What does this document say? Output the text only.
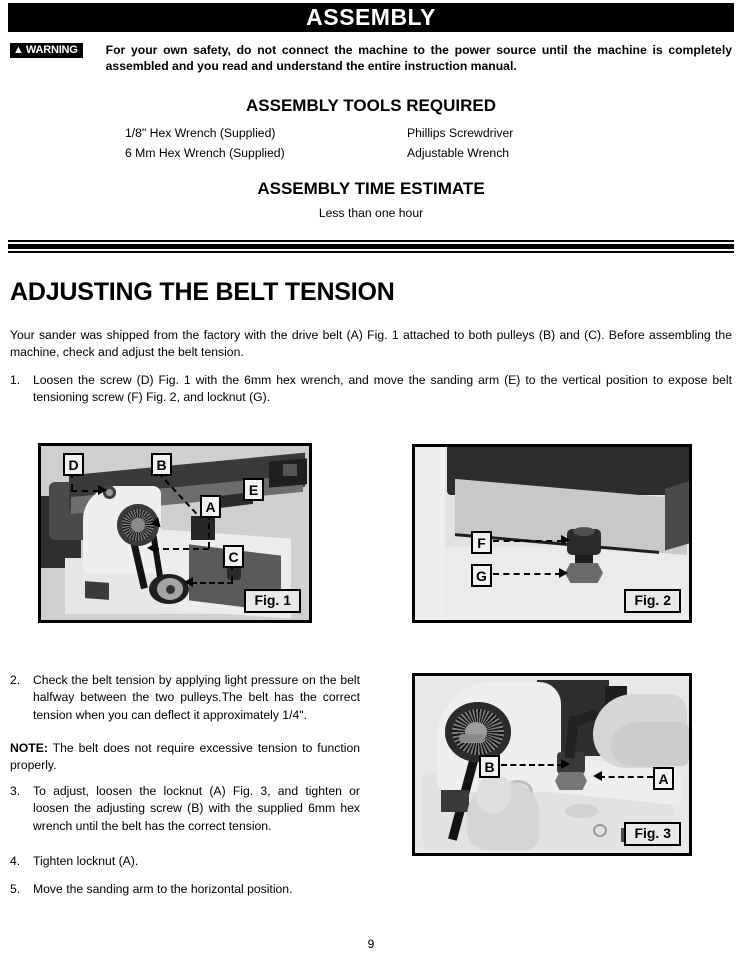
ASSEMBLY
▲ WARNING For your own safety, do not connect the machine to the power source until the machine is completely assembled and you read and understand the entire instruction manual.
ASSEMBLY TOOLS REQUIRED
1/8" Hex Wrench (Supplied)	Phillips Screwdriver
6 Mm Hex Wrench (Supplied)	Adjustable Wrench
ASSEMBLY TIME ESTIMATE
Less than one hour
ADJUSTING THE BELT TENSION
Your sander was shipped from the factory with the drive belt (A) Fig. 1 attached to both pulleys (B) and (C). Before assembling the machine, check and adjust the belt tension.
1.	Loosen the screw (D) Fig. 1 with the 6mm hex wrench, and move the sanding arm (E) to the vertical position to expose belt tensioning screw (F) Fig. 2, and locknut (G).
D	B
E
A
C
Fig. 1
F
G
Fig. 2
2.	Check the belt tension by applying light pressure on the belt halfway between the two pulleys.The belt has the correct tension when you can deflect it approximately 1/4".
NOTE: The belt does not require excessive tension to function properly.
3.	To adjust, loosen the locknut (A) Fig. 3, and tighten or loosen the adjusting screw (B) with the supplied 6mm hex wrench until the belt has the correct tension.
4.	Tighten locknut (A).
5.	Move the sanding arm to the horizontal position.
B
A
Fig. 3
9
